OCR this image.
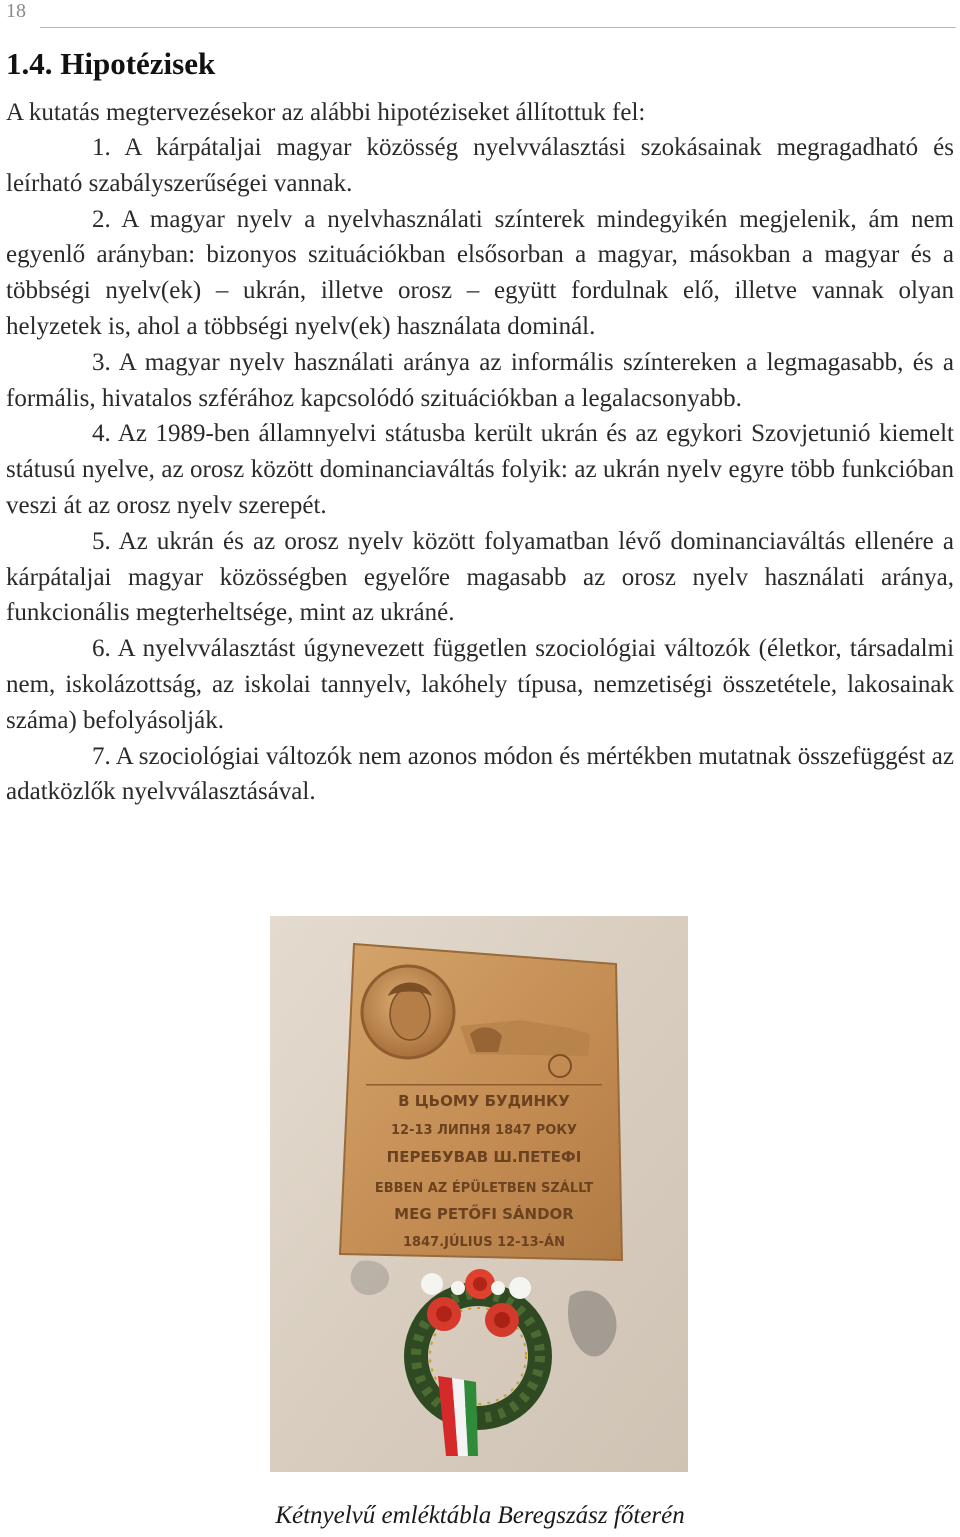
18
1.4. Hipotézisek
A kutatás megtervezésekor az alábbi hipotéziseket állítottuk fel:
1. A kárpátaljai magyar közösség nyelvválasztási szokásainak megragadható és leírható szabályszerűségei vannak.
2. A magyar nyelv a nyelvhasználati színterek mindegyikén megjelenik, ám nem egyenlő arányban: bizonyos szituációkban elsősorban a magyar, másokban a magyar és a többségi nyelv(ek) – ukrán, illetve orosz – együtt fordulnak elő, illetve vannak olyan helyzetek is, ahol a többségi nyelv(ek) használata dominál.
3. A magyar nyelv használati aránya az informális színtereken a legmagasabb, és a formális, hivatalos szférához kapcsolódó szituációkban a legalacsonyabb.
4. Az 1989-ben államnyelvi státusba került ukrán és az egykori Szovjetunió kiemelt státusú nyelve, az orosz között dominanciaváltás folyik: az ukrán nyelv egyre több funkcióban veszi át az orosz nyelv szerepét.
5. Az ukrán és az orosz nyelv között folyamatban lévő dominanciaváltás ellenére a kárpátaljai magyar közösségben egyelőre magasabb az orosz nyelv használati aránya, funkcionális megterheltsége, mint az ukráné.
6. A nyelvválasztást úgynevezett független szociológiai változók (életkor, társadalmi nem, iskolázottság, az iskolai tannyelv, lakóhely típusa, nemzetiségi összetétele, lakosainak száma) befolyásolják.
7. A szociológiai változók nem azonos módon és mértékben mutatnak összefüggést az adatközlők nyelvválasztásával.
В ЦЬОМУ БУДИНКУ
12-13 ЛИПНЯ 1847 РОКУ
ПЕРЕБУВАВ Ш.ПЕТЕФІ
EBBEN AZ ÉPÜLETBEN SZÁLLT
MEG PETŐFI SÁNDOR
1847.JÚLIUS 12-13-ÁN
Kétnyelvű emléktábla Beregszász főterén
